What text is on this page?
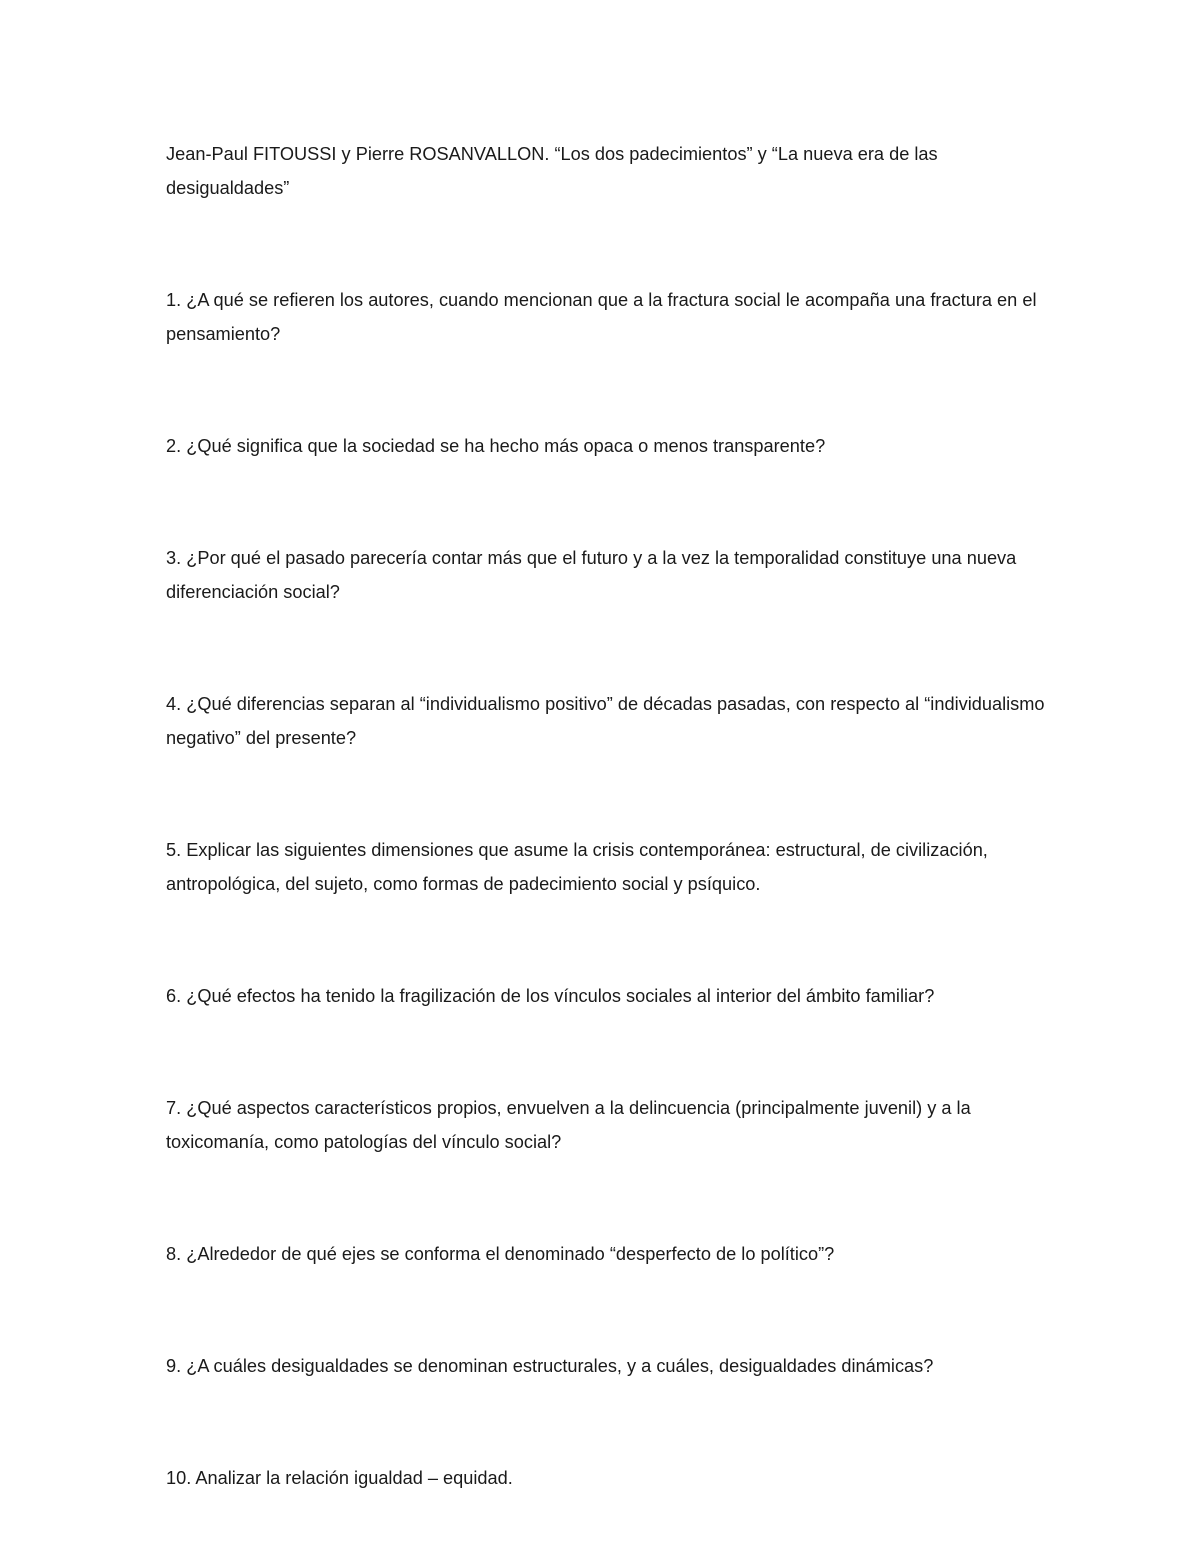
Jean-Paul FITOUSSI y Pierre ROSANVALLON. “Los dos padecimientos” y “La nueva era de las desigualdades”

1. ¿A qué se refieren los autores, cuando mencionan que a la fractura social le acompaña una fractura en el pensamiento?

2. ¿Qué significa que la sociedad se ha hecho más opaca o menos transparente?

3. ¿Por qué el pasado parecería contar más que el futuro y a la vez la temporalidad constituye una nueva diferenciación social?

4. ¿Qué diferencias separan al “individualismo positivo” de décadas pasadas, con respecto al “individualismo negativo” del presente?

5. Explicar las siguientes dimensiones que asume la crisis contemporánea: estructural, de civilización, antropológica, del sujeto, como formas de padecimiento social y psíquico.

6. ¿Qué efectos ha tenido la fragilización de los vínculos sociales al interior del ámbito familiar?

7. ¿Qué aspectos característicos propios, envuelven a la delincuencia (principalmente juvenil) y a la toxicomanía, como patologías del vínculo social?

8. ¿Alrededor de qué ejes se conforma el denominado “desperfecto de lo político”?

9. ¿A cuáles desigualdades se denominan estructurales, y a cuáles, desigualdades dinámicas?

10. Analizar la relación igualdad – equidad.
